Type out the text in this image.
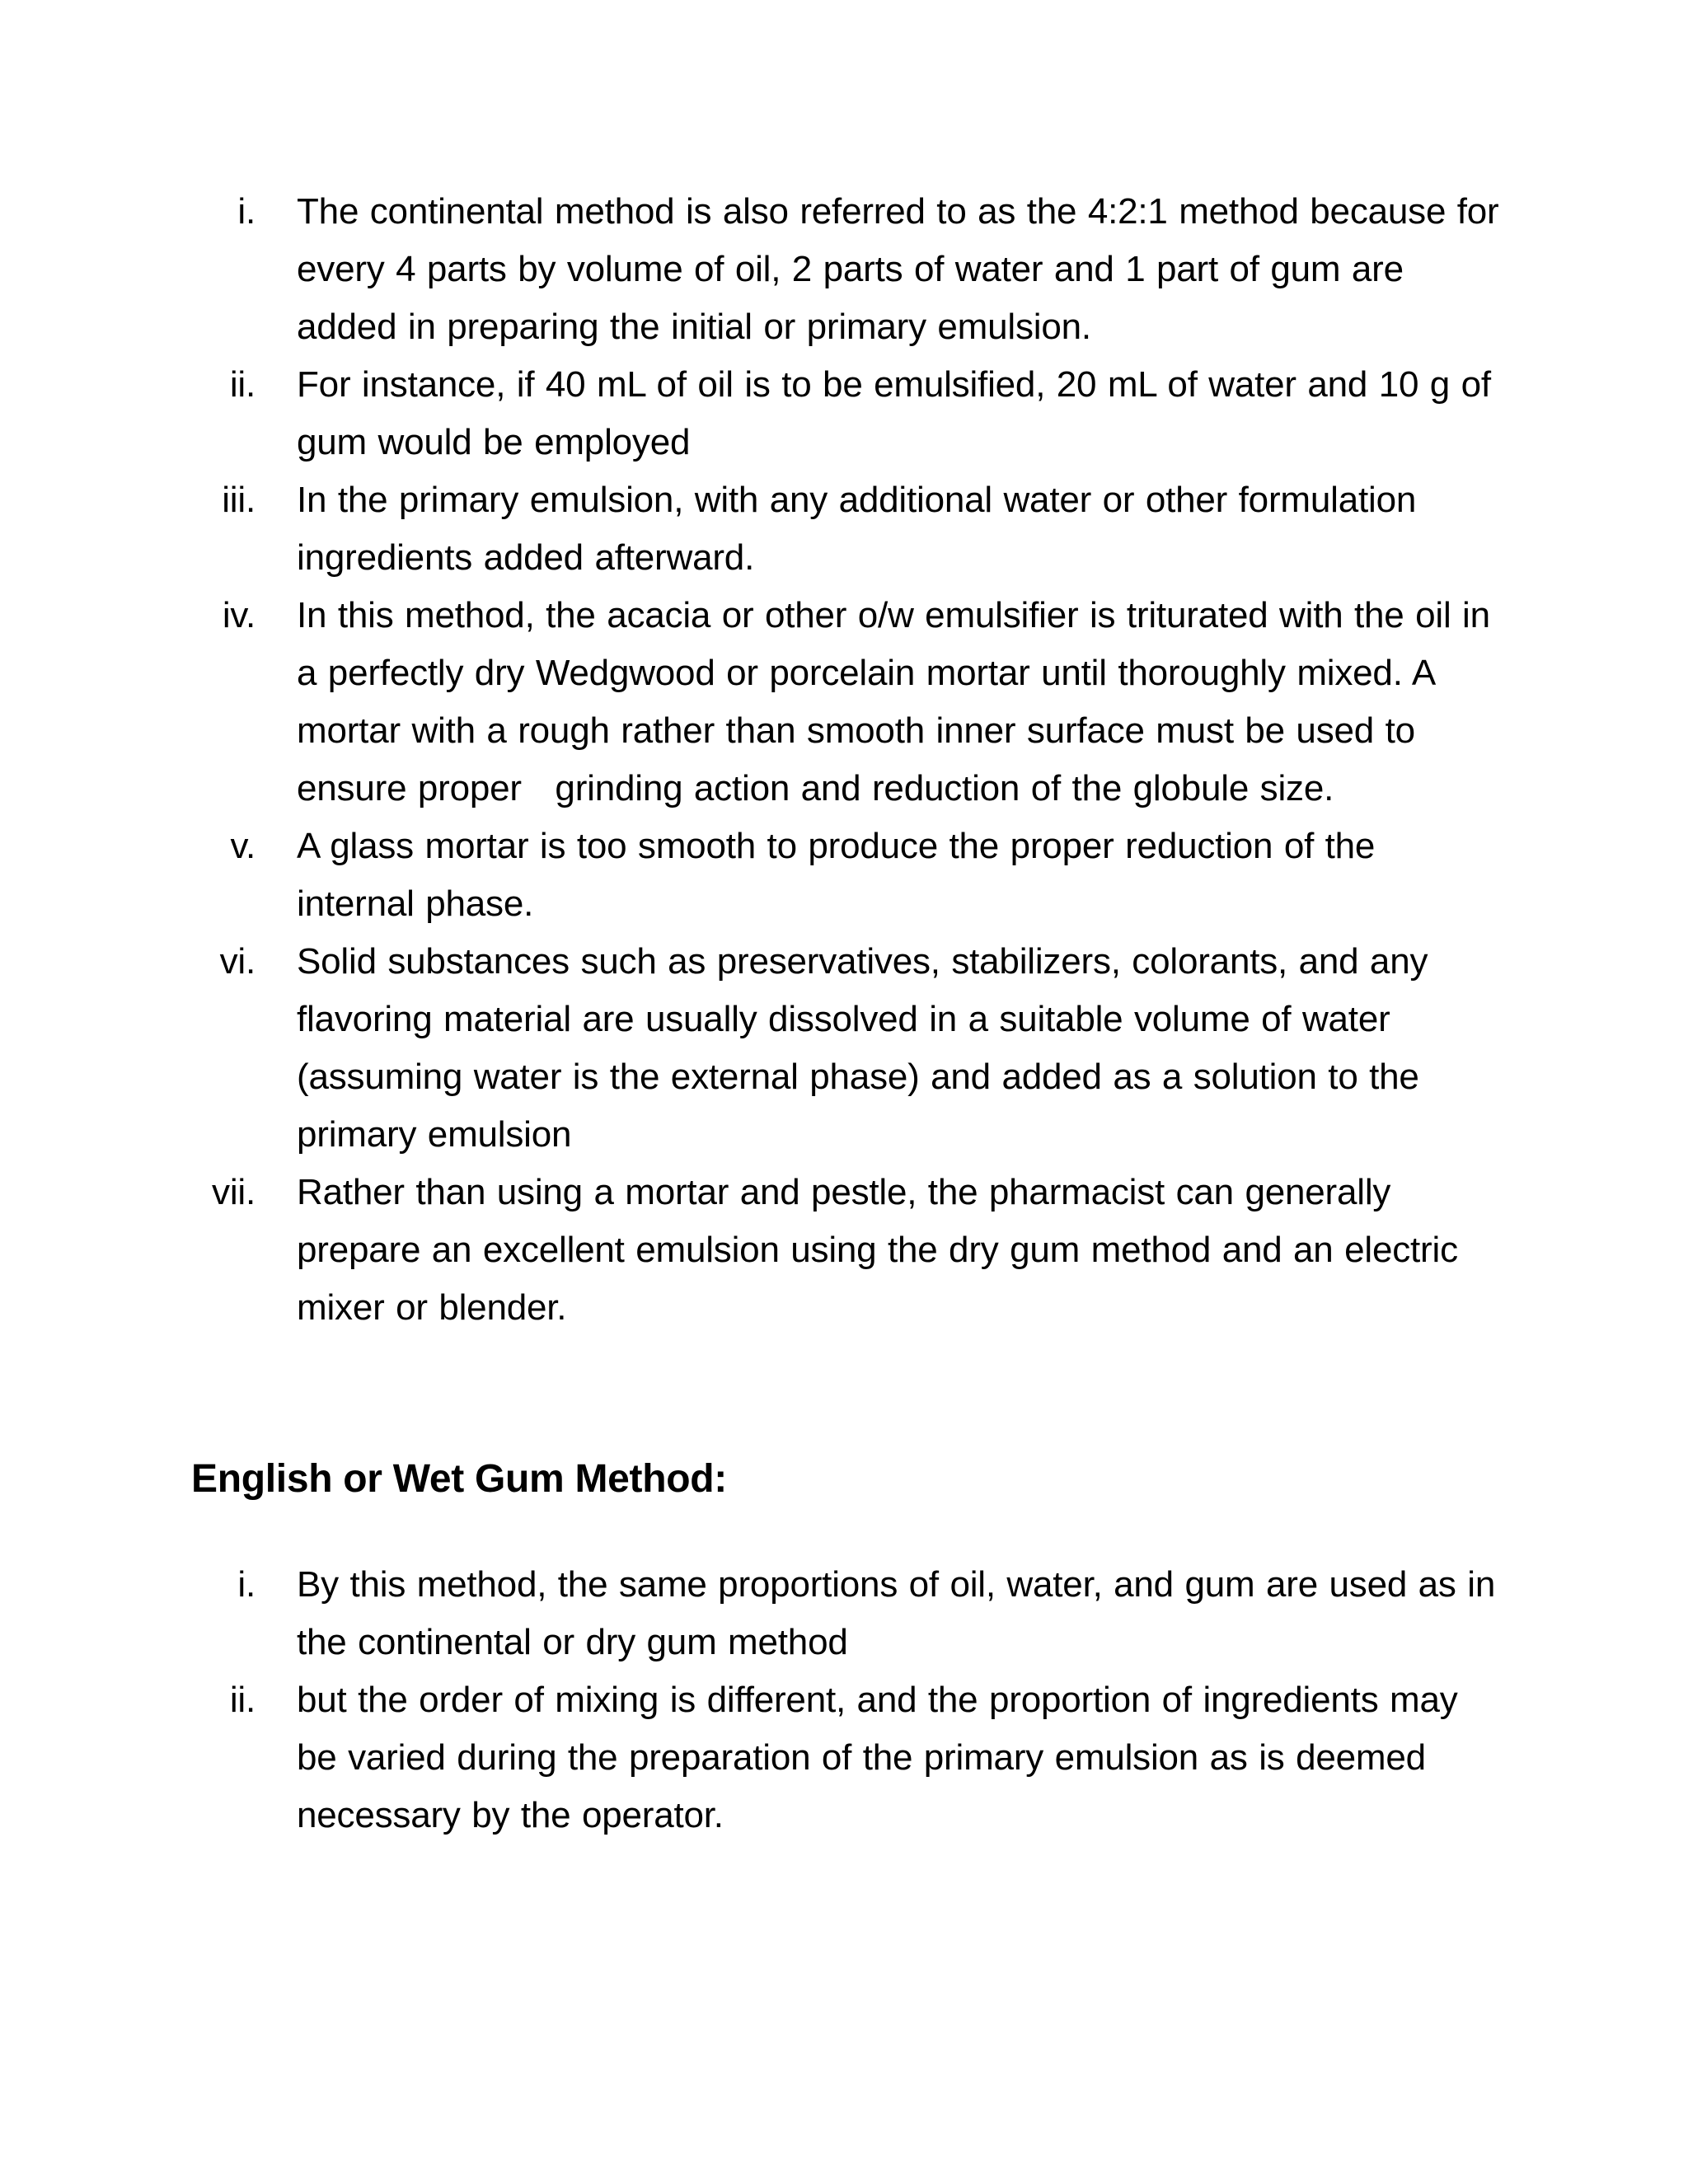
i. The continental method is also referred to as the 4:2:1 method because for every 4 parts by volume of oil, 2 parts of water and 1 part of gum are added in preparing the initial or primary emulsion.
ii. For instance, if 40 mL of oil is to be emulsified, 20 mL of water and 10 g of gum would be employed
iii. In the primary emulsion, with any additional water or other formulation ingredients added afterward.
iv. In this method, the acacia or other o/w emulsifier is triturated with the oil in a perfectly dry Wedgwood or porcelain mortar until thoroughly mixed. A mortar with a rough rather than smooth inner surface must be used to ensure proper   grinding action and reduction of the globule size.
v. A glass mortar is too smooth to produce the proper reduction of the internal phase.
vi. Solid substances such as preservatives, stabilizers, colorants, and any flavoring material are usually dissolved in a suitable volume of water (assuming water is the external phase) and added as a solution to the primary emulsion
vii. Rather than using a mortar and pestle, the pharmacist can generally prepare an excellent emulsion using the dry gum method and an electric mixer or blender.
English or Wet Gum Method:
i. By this method, the same proportions of oil, water, and gum are used as in the continental or dry gum method
ii. but the order of mixing is different, and the proportion of ingredients may be varied during the preparation of the primary emulsion as is deemed necessary by the operator.
